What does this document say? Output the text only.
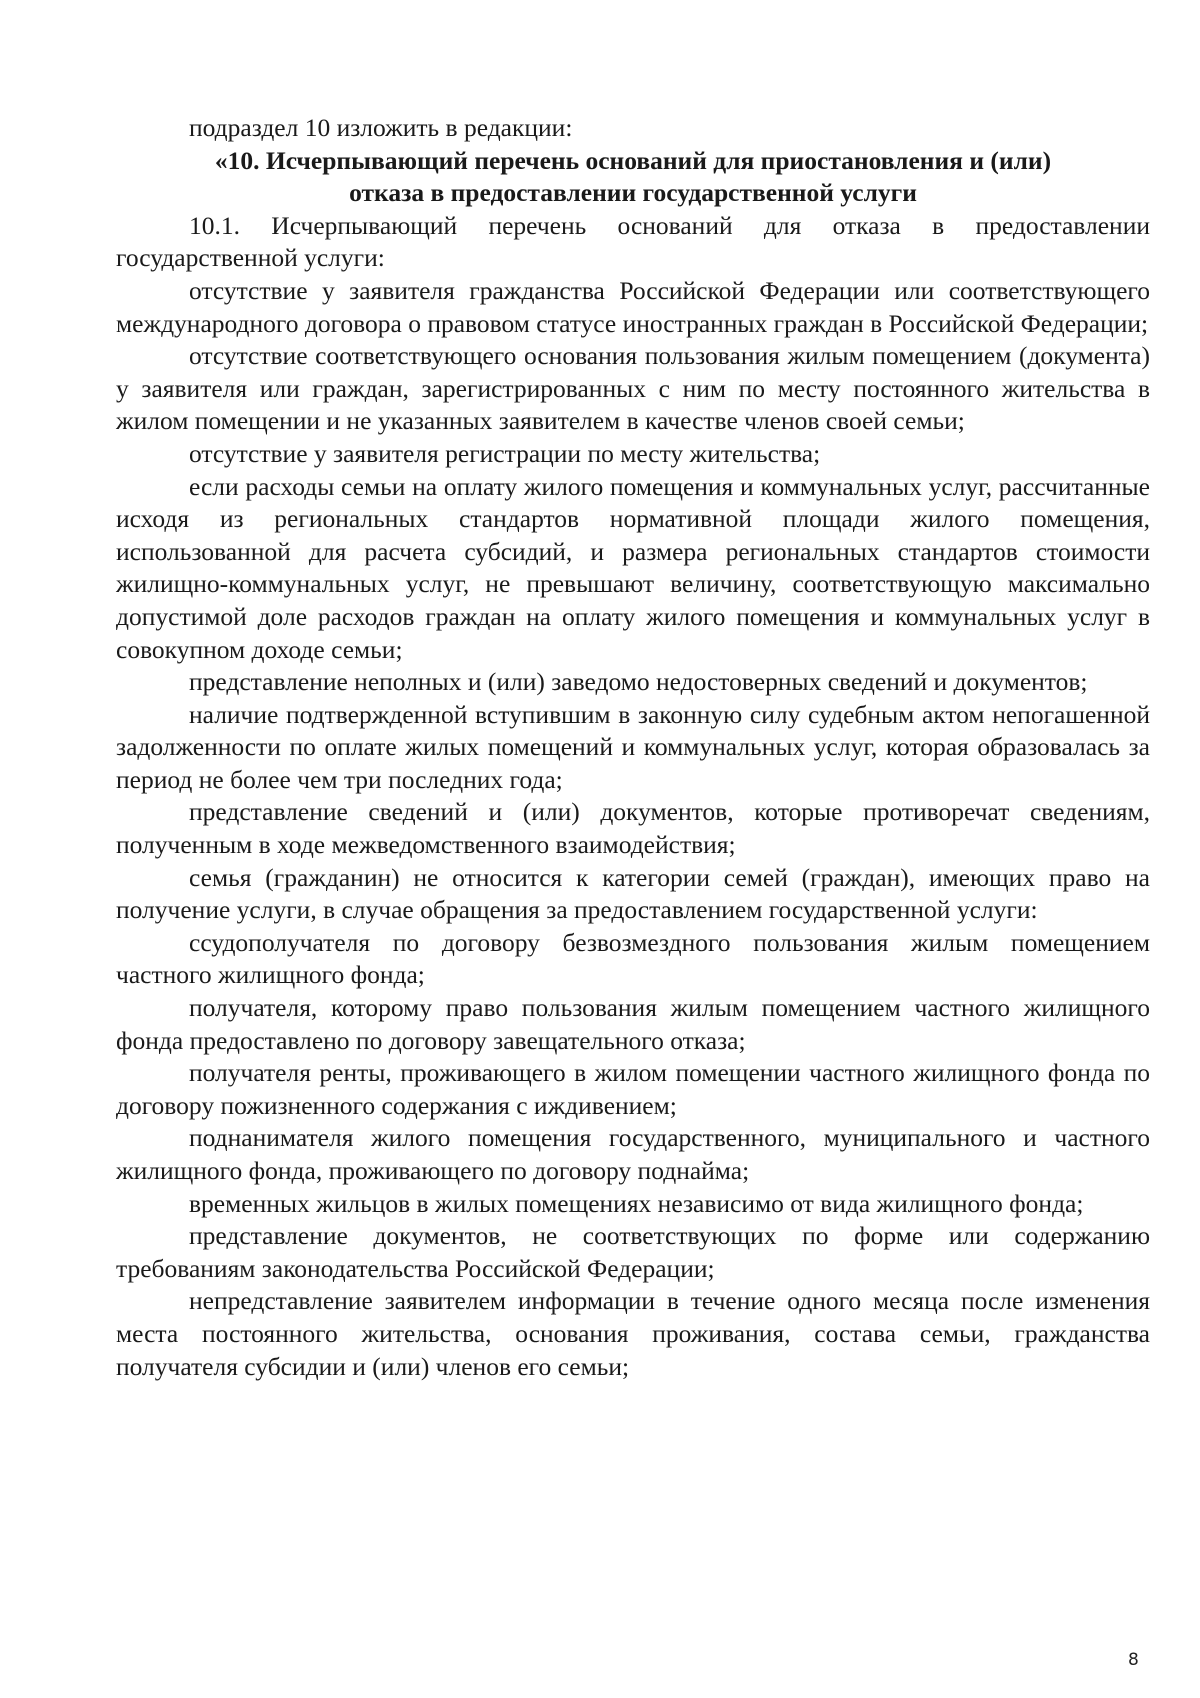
подраздел 10 изложить в редакции:

«10. Исчерпывающий перечень оснований для приостановления и (или)

отказа в предоставлении государственной услуги

10.1. Исчерпывающий перечень оснований для отказа в предоставлении государственной услуги:

отсутствие у заявителя гражданства Российской Федерации или соответствующего международного договора о правовом статусе иностранных граждан в Российской Федерации;

отсутствие соответствующего основания пользования жилым помещением (документа) у заявителя или граждан, зарегистрированных с ним по месту постоянного жительства в жилом помещении и не указанных заявителем в качестве членов своей семьи;

отсутствие у заявителя регистрации по месту жительства;

если расходы семьи на оплату жилого помещения и коммунальных услуг, рассчитанные исходя из региональных стандартов нормативной площади жилого помещения, использованной для расчета субсидий, и размера региональных стандартов стоимости жилищно-коммунальных услуг, не превышают величину, соответствующую максимально допустимой доле расходов граждан на оплату жилого помещения и коммунальных услуг в совокупном доходе семьи;

представление неполных и (или) заведомо недостоверных сведений и документов;

наличие подтвержденной вступившим в законную силу судебным актом непогашенной задолженности по оплате жилых помещений и коммунальных услуг, которая образовалась за период не более чем три последних года;

представление сведений и (или) документов, которые противоречат сведениям, полученным в ходе межведомственного взаимодействия;

семья (гражданин) не относится к категории семей (граждан), имеющих право на получение услуги, в случае обращения за предоставлением государственной услуги:

ссудополучателя по договору безвозмездного пользования жилым помещением частного жилищного фонда;

получателя, которому право пользования жилым помещением частного жилищного фонда предоставлено по договору завещательного отказа;

получателя ренты, проживающего в жилом помещении частного жилищного фонда по договору пожизненного содержания с иждивением;

поднанимателя жилого помещения государственного, муниципального и частного жилищного фонда, проживающего по договору поднайма;

временных жильцов в жилых помещениях независимо от вида жилищного фонда;

представление документов, не соответствующих по форме или содержанию требованиям законодательства Российской Федерации;

непредставление заявителем информации в течение одного месяца после изменения места постоянного жительства, основания проживания, состава семьи, гражданства получателя субсидии и (или) членов его семьи;

8
